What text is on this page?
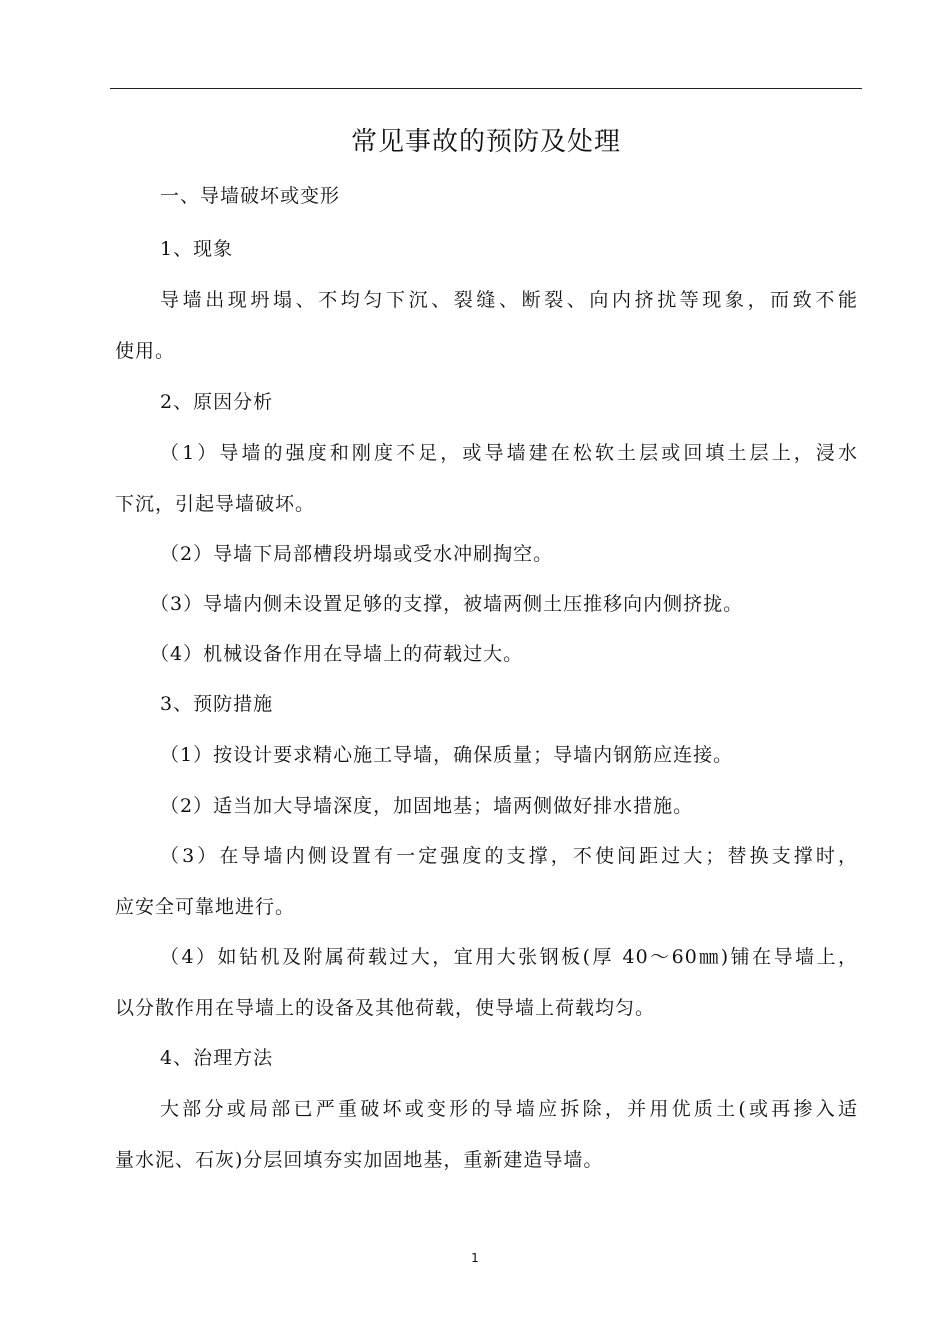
常见事故的预防及处理
一、导墙破坏或变形
1、现象
导墙出现坍塌、不均匀下沉、裂缝、断裂、向内挤扰等现象，而致不能
使用。
2、原因分析
（1）导墙的强度和刚度不足，或导墙建在松软土层或回填土层上，浸水
下沉，引起导墙破坏。
（2）导墙下局部槽段坍塌或受水冲刷掏空。
（3）导墙内侧未设置足够的支撑，被墙两侧土压推移向内侧挤拢。
（4）机械设备作用在导墙上的荷载过大。
3、预防措施
（1）按设计要求精心施工导墙，确保质量；导墙内钢筋应连接。
（2）适当加大导墙深度，加固地基；墙两侧做好排水措施。
（3）在导墙内侧设置有一定强度的支撑，不使间距过大；替换支撑时，
应安全可靠地进行。
（4）如钻机及附属荷载过大，宜用大张钢板(厚 40～60㎜)铺在导墙上，
以分散作用在导墙上的设备及其他荷载，使导墙上荷载均匀。
4、治理方法
大部分或局部已严重破坏或变形的导墙应拆除，并用优质土(或再掺入适
量水泥、石灰)分层回填夯实加固地基，重新建造导墙。
1
